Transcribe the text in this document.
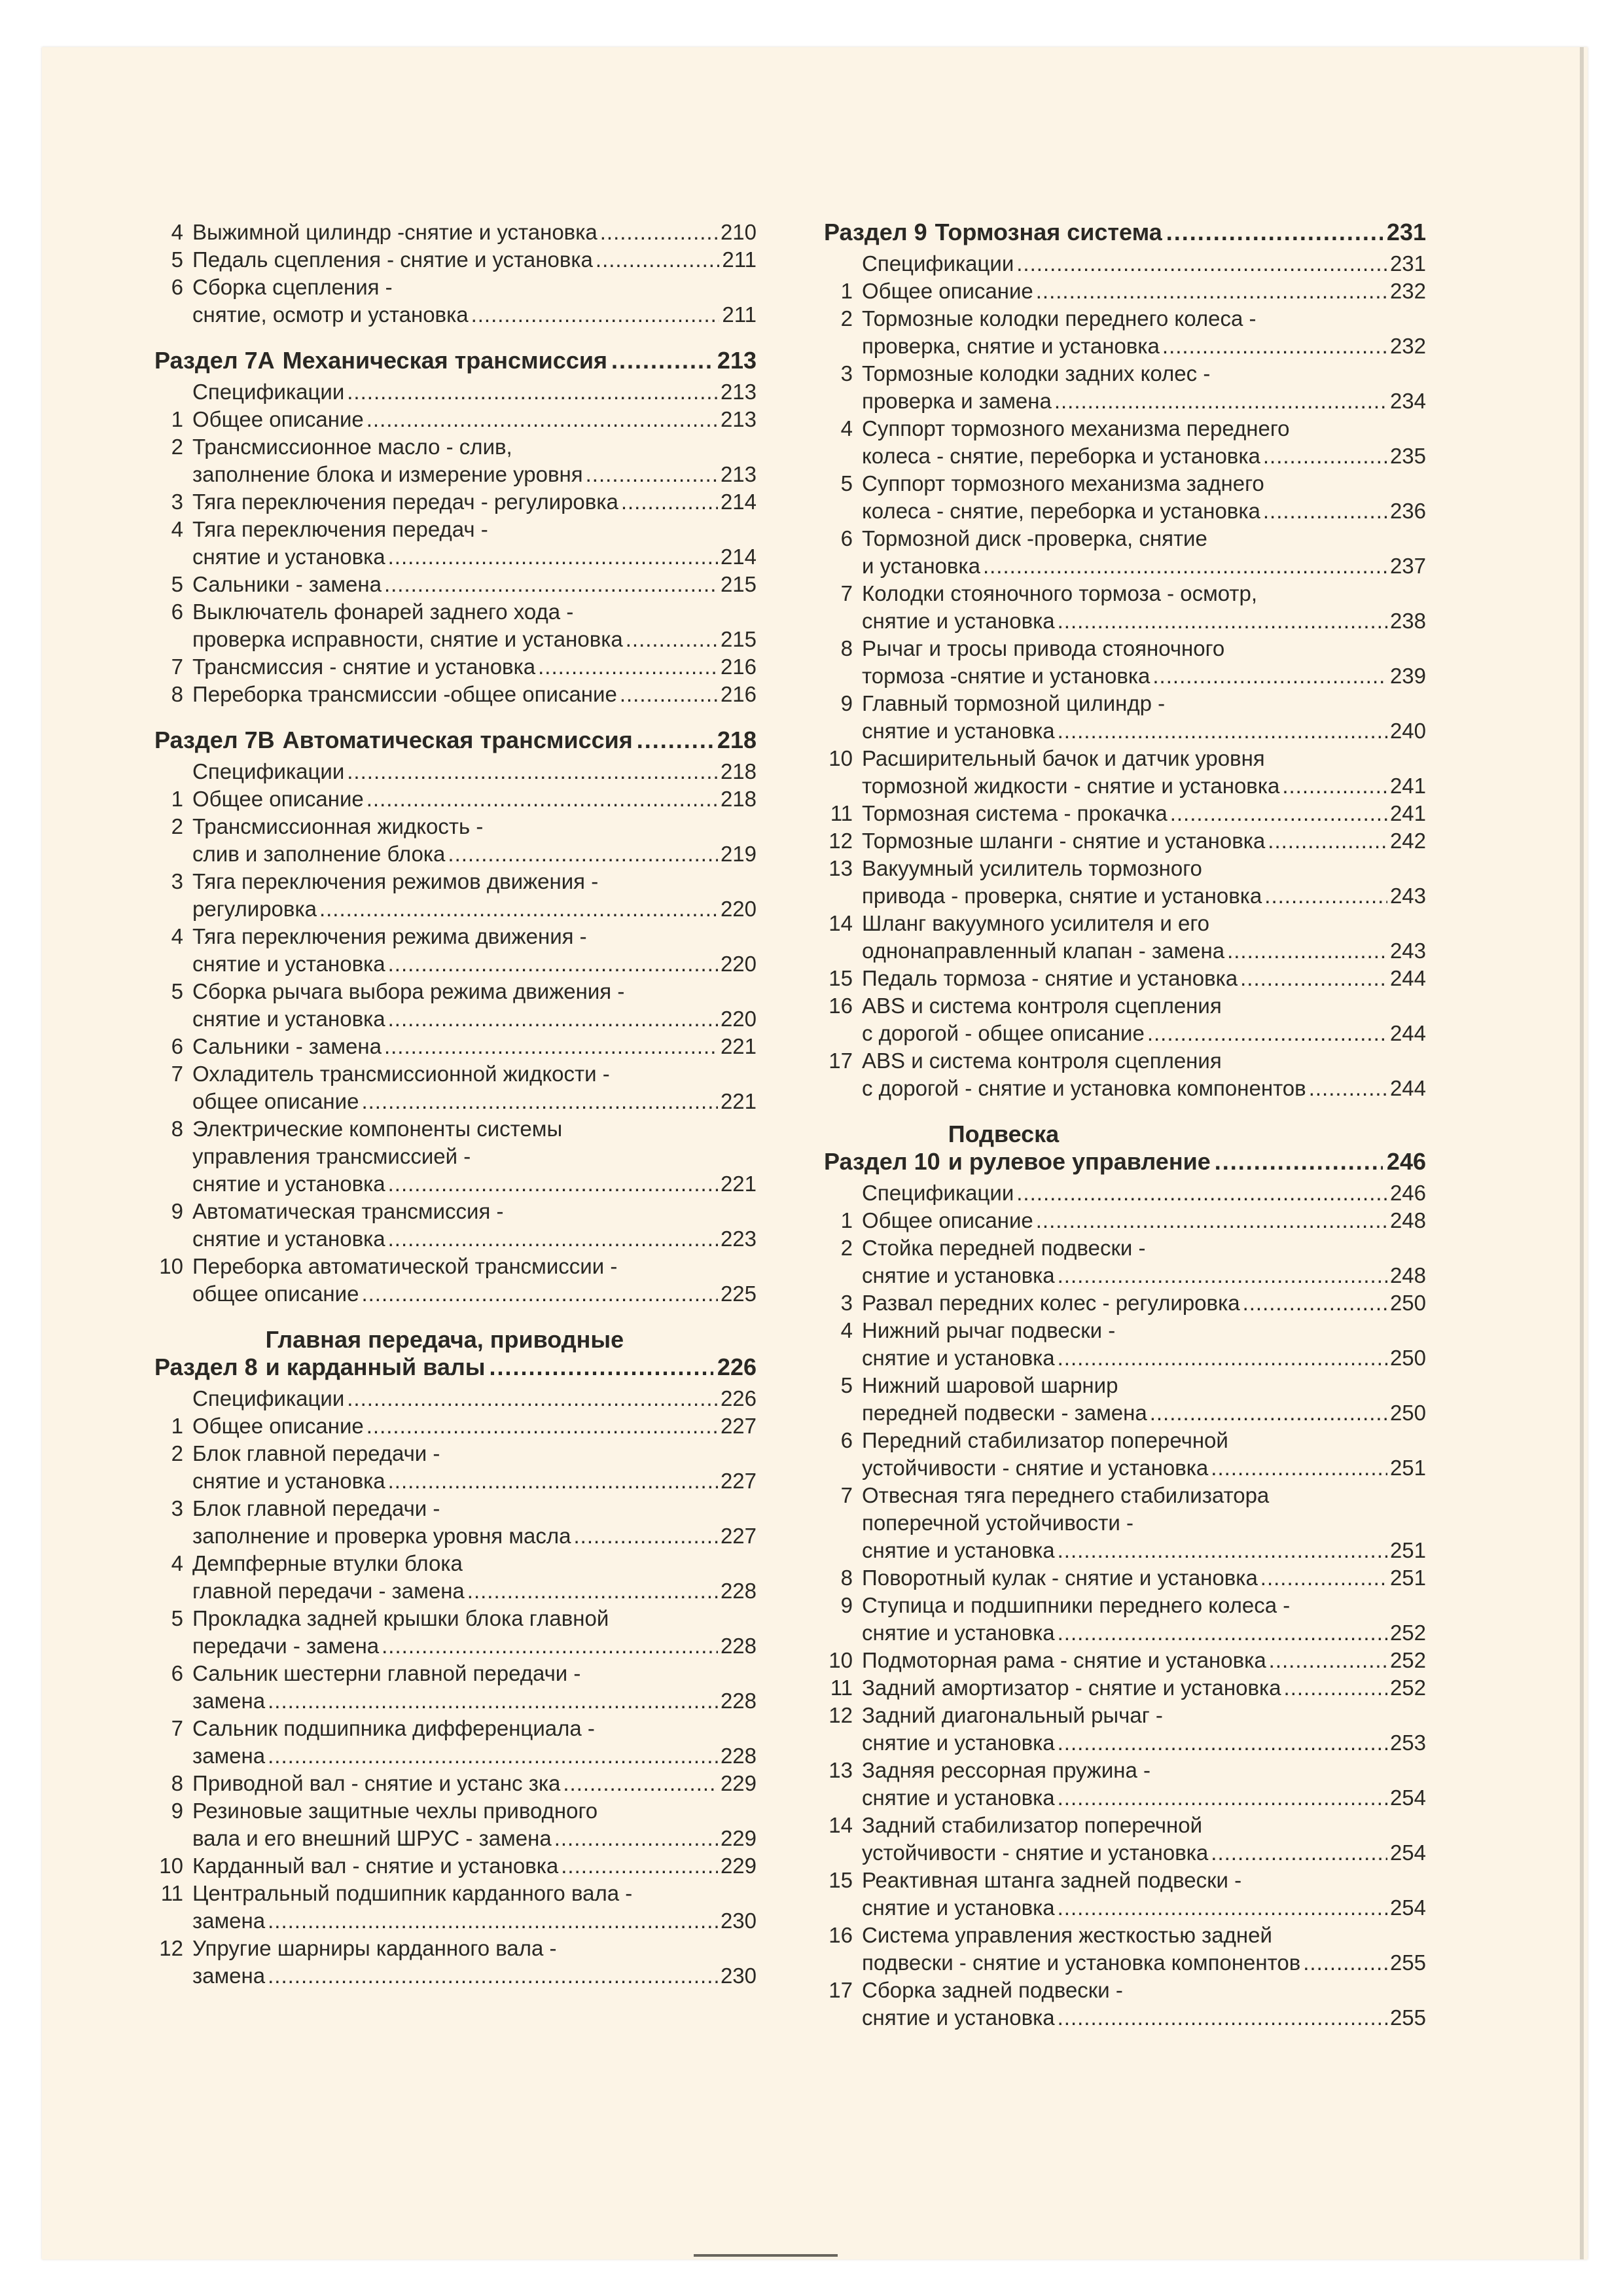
4 Выжимной цилиндр -снятие и установка .....	210
5 Педаль сцепления - снятие и установка .....	211
6 Сборка сцепления -
снятие, осмотр и установка .....	211
Раздел 7А Механическая трансмиссия .....	213
Спецификации .....	213
1 Общее описание .....	213
2 Трансмиссионное масло - слив,
заполнение блока и измерение уровня .....	213
3 Тяга переключения передач - регулировка .....	214
4 Тяга переключения передач -
снятие и установка .....	214
5 Сальники - замена .....	215
6 Выключатель фонарей заднего хода -
проверка исправности, снятие и установка .....	215
7 Трансмиссия - снятие и установка .....	216
8 Переборка трансмиссии -общее описание .....	216
Раздел 7В Автоматическая трансмиссия .....	218
Спецификации .....	218
1 Общее описание .....	218
2 Трансмиссионная жидкость -
слив и заполнение блока .....	219
3 Тяга переключения режимов движения -
регулировка .....	220
4 Тяга переключения режима движения -
снятие и установка .....	220
5 Сборка рычага выбора режима движения -
снятие и установка .....	220
6 Сальники - замена .....	221
7 Охладитель трансмиссионной жидкости -
общее описание .....	221
8 Электрические компоненты системы
управления трансмиссией -
снятие и установка .....	221
9 Автоматическая трансмиссия -
снятие и установка .....	223
10 Переборка автоматической трансмиссии -
общее описание .....	225
Раздел 8
Главная передача, приводные
и карданный валы .....	226
Спецификации .....	226
1 Общее описание .....	227
2 Блок главной передачи -
снятие и установка .....	227
3 Блок главной передачи -
заполнение и проверка уровня масла .....	227
4 Демпферные втулки блока
главной передачи - замена .....	228
5 Прокладка задней крышки блока главной
передачи - замена .....	228
6 Сальник шестерни главной передачи -
замена .....	228
7 Сальник подшипника дифференциала -
замена .....	228
8 Приводной вал - снятие и устанс зка .....	229
9 Резиновые защитные чехлы приводного
вала и его внешний ШРУС - замена .....	229
10 Карданный вал - снятие и установка .....	229
11 Центральный подшипник карданного вала -
замена .....	230
12 Упругие шарниры карданного вала -
замена .....	230
Раздел 9 Тормозная система .....	231
Спецификации .....	231
1 Общее описание .....	232
2 Тормозные колодки переднего колеса -
проверка, снятие и установка .....	232
3 Тормозные колодки задних колес -
проверка и замена .....	234
4 Суппорт тормозного механизма переднего
колеса - снятие, переборка и установка .....	235
5 Суппорт тормозного механизма заднего
колеса - снятие, переборка и установка .....	236
6 Тормозной диск -проверка, снятие
и установка .....	237
7 Колодки стояночного тормоза - осмотр,
снятие и установка .....	238
8 Рычаг и тросы привода стояночного
тормоза -снятие и установка .....	239
9 Главный тормозной цилиндр -
снятие и установка .....	240
10 Расширительный бачок и датчик уровня
тормозной жидкости - снятие и установка .....	241
11 Тормозная система - прокачка .....	241
12 Тормозные шланги - снятие и установка .....	242
13 Вакуумный усилитель тормозного
привода - проверка, снятие и установка .....	243
14 Шланг вакуумного усилителя и его
однонаправленный клапан - замена .....	243
15 Педаль тормоза - снятие и установка .....	244
16 ABS и система контроля сцепления
с дорогой - общее описание .....	244
17 ABS и система контроля сцепления
с дорогой - снятие и установка компонентов .....	244
Раздел 10
Подвеска
и рулевое управление .....	246
Спецификации .....	246
1 Общее описание .....	248
2 Стойка передней подвески -
снятие и установка .....	248
3 Развал передних колес - регулировка .....	250
4 Нижний рычаг подвески -
снятие и установка .....	250
5 Нижний шаровой шарнир
передней подвески - замена .....	250
6 Передний стабилизатор поперечной
устойчивости - снятие и установка .....	251
7 Отвесная тяга переднего стабилизатора
поперечной устойчивости -
снятие и установка .....	251
8 Поворотный кулак - снятие и установка .....	251
9 Ступица и подшипники переднего колеса -
снятие и установка .....	252
10 Подмоторная рама - снятие и установка .....	252
11 Задний амортизатор - снятие и установка .....	252
12 Задний диагональный рычаг -
снятие и установка .....	253
13 Задняя рессорная пружина -
снятие и установка .....	254
14 Задний стабилизатор поперечной
устойчивости - снятие и установка .....	254
15 Реактивная штанга задней подвески -
снятие и установка .....	254
16 Система управления жесткостью задней
подвески - снятие и установка компонентов .....	255
17 Сборка задней подвески -
снятие и установка .....	255
